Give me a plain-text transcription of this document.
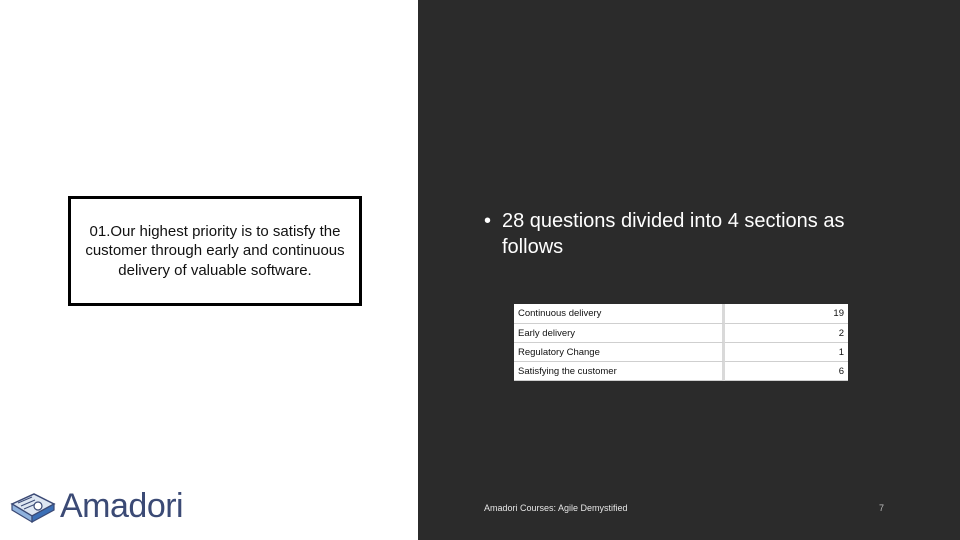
01.Our highest priority is to satisfy the customer through early and continuous delivery of valuable software.
Amadori
• 28 questions divided into 4 sections as follows
Continuous delivery	19
Early delivery	2
Regulatory Change	1
Satisfying the customer	6
Amadori Courses: Agile Demystified	7
